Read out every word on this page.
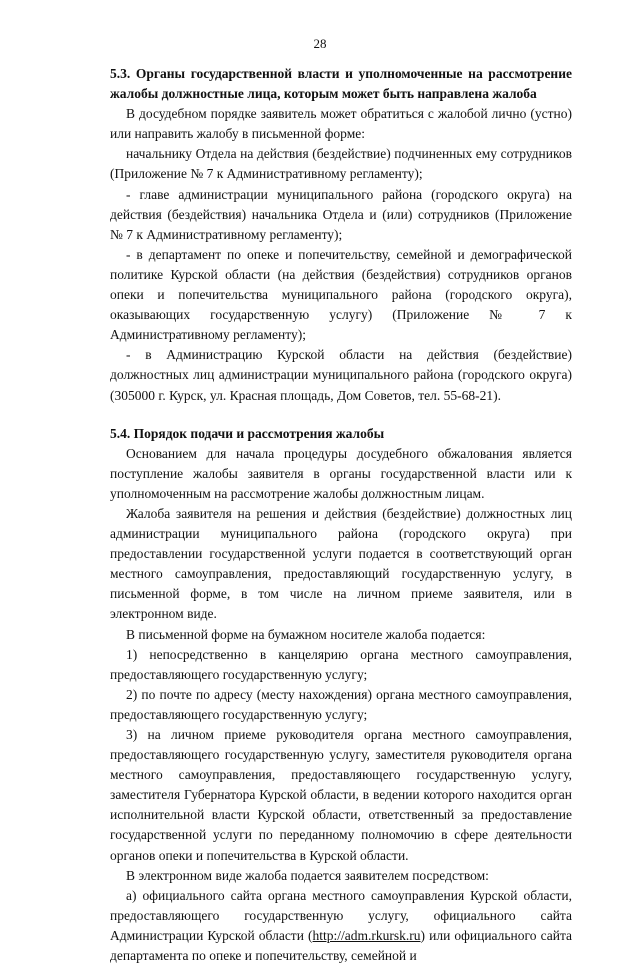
28

5.3. Органы государственной власти и уполномоченные на рассмотрение жалобы должностные лица, которым может быть направлена жалоба

В досудебном порядке заявитель может обратиться с жалобой лично (устно) или направить жалобу в письменной форме:

начальнику Отдела на действия (бездействие) подчиненных ему сотрудников (Приложение № 7 к Административному регламенту);

- главе администрации муниципального района (городского округа) на действия (бездействия) начальника Отдела и (или) сотрудников (Приложение № 7 к Административному регламенту);

- в департамент по опеке и попечительству, семейной и демографической политике Курской области (на действия (бездействия) сотрудников органов опеки и попечительства муниципального района (городского округа), оказывающих государственную услугу) (Приложение № 7 к Административному регламенту);

- в Администрацию Курской области на действия (бездействие) должностных лиц администрации муниципального района (городского округа) (305000 г. Курск, ул. Красная площадь, Дом Советов, тел. 55-68-21).

5.4. Порядок подачи и рассмотрения жалобы

Основанием для начала процедуры досудебного обжалования является поступление жалобы заявителя в органы государственной власти или к уполномоченным на рассмотрение жалобы должностным лицам.

Жалоба заявителя на решения и действия (бездействие) должностных лиц администрации муниципального района (городского округа) при предоставлении государственной услуги подается в соответствующий орган местного самоуправления, предоставляющий государственную услугу, в письменной форме, в том числе на личном приеме заявителя, или в электронном виде.

В письменной форме на бумажном носителе жалоба подается:

1) непосредственно в канцелярию органа местного самоуправления, предоставляющего государственную услугу;

2) по почте по адресу (месту нахождения) органа местного самоуправления, предоставляющего государственную услугу;

3) на личном приеме руководителя органа местного самоуправления, предоставляющего государственную услугу, заместителя руководителя органа местного самоуправления, предоставляющего государственную услугу, заместителя Губернатора Курской области, в ведении которого находится орган исполнительной власти Курской области, ответственный за предоставление государственной услуги по переданному полномочию в сфере деятельности органов опеки и попечительства в Курской области.

В электронном виде жалоба подается заявителем посредством:

а) официального сайта органа местного самоуправления Курской области, предоставляющего государственную услугу, официального сайта Администрации Курской области (http://adm.rkursk.ru) или официального сайта департамента по опеке и попечительству, семейной и
